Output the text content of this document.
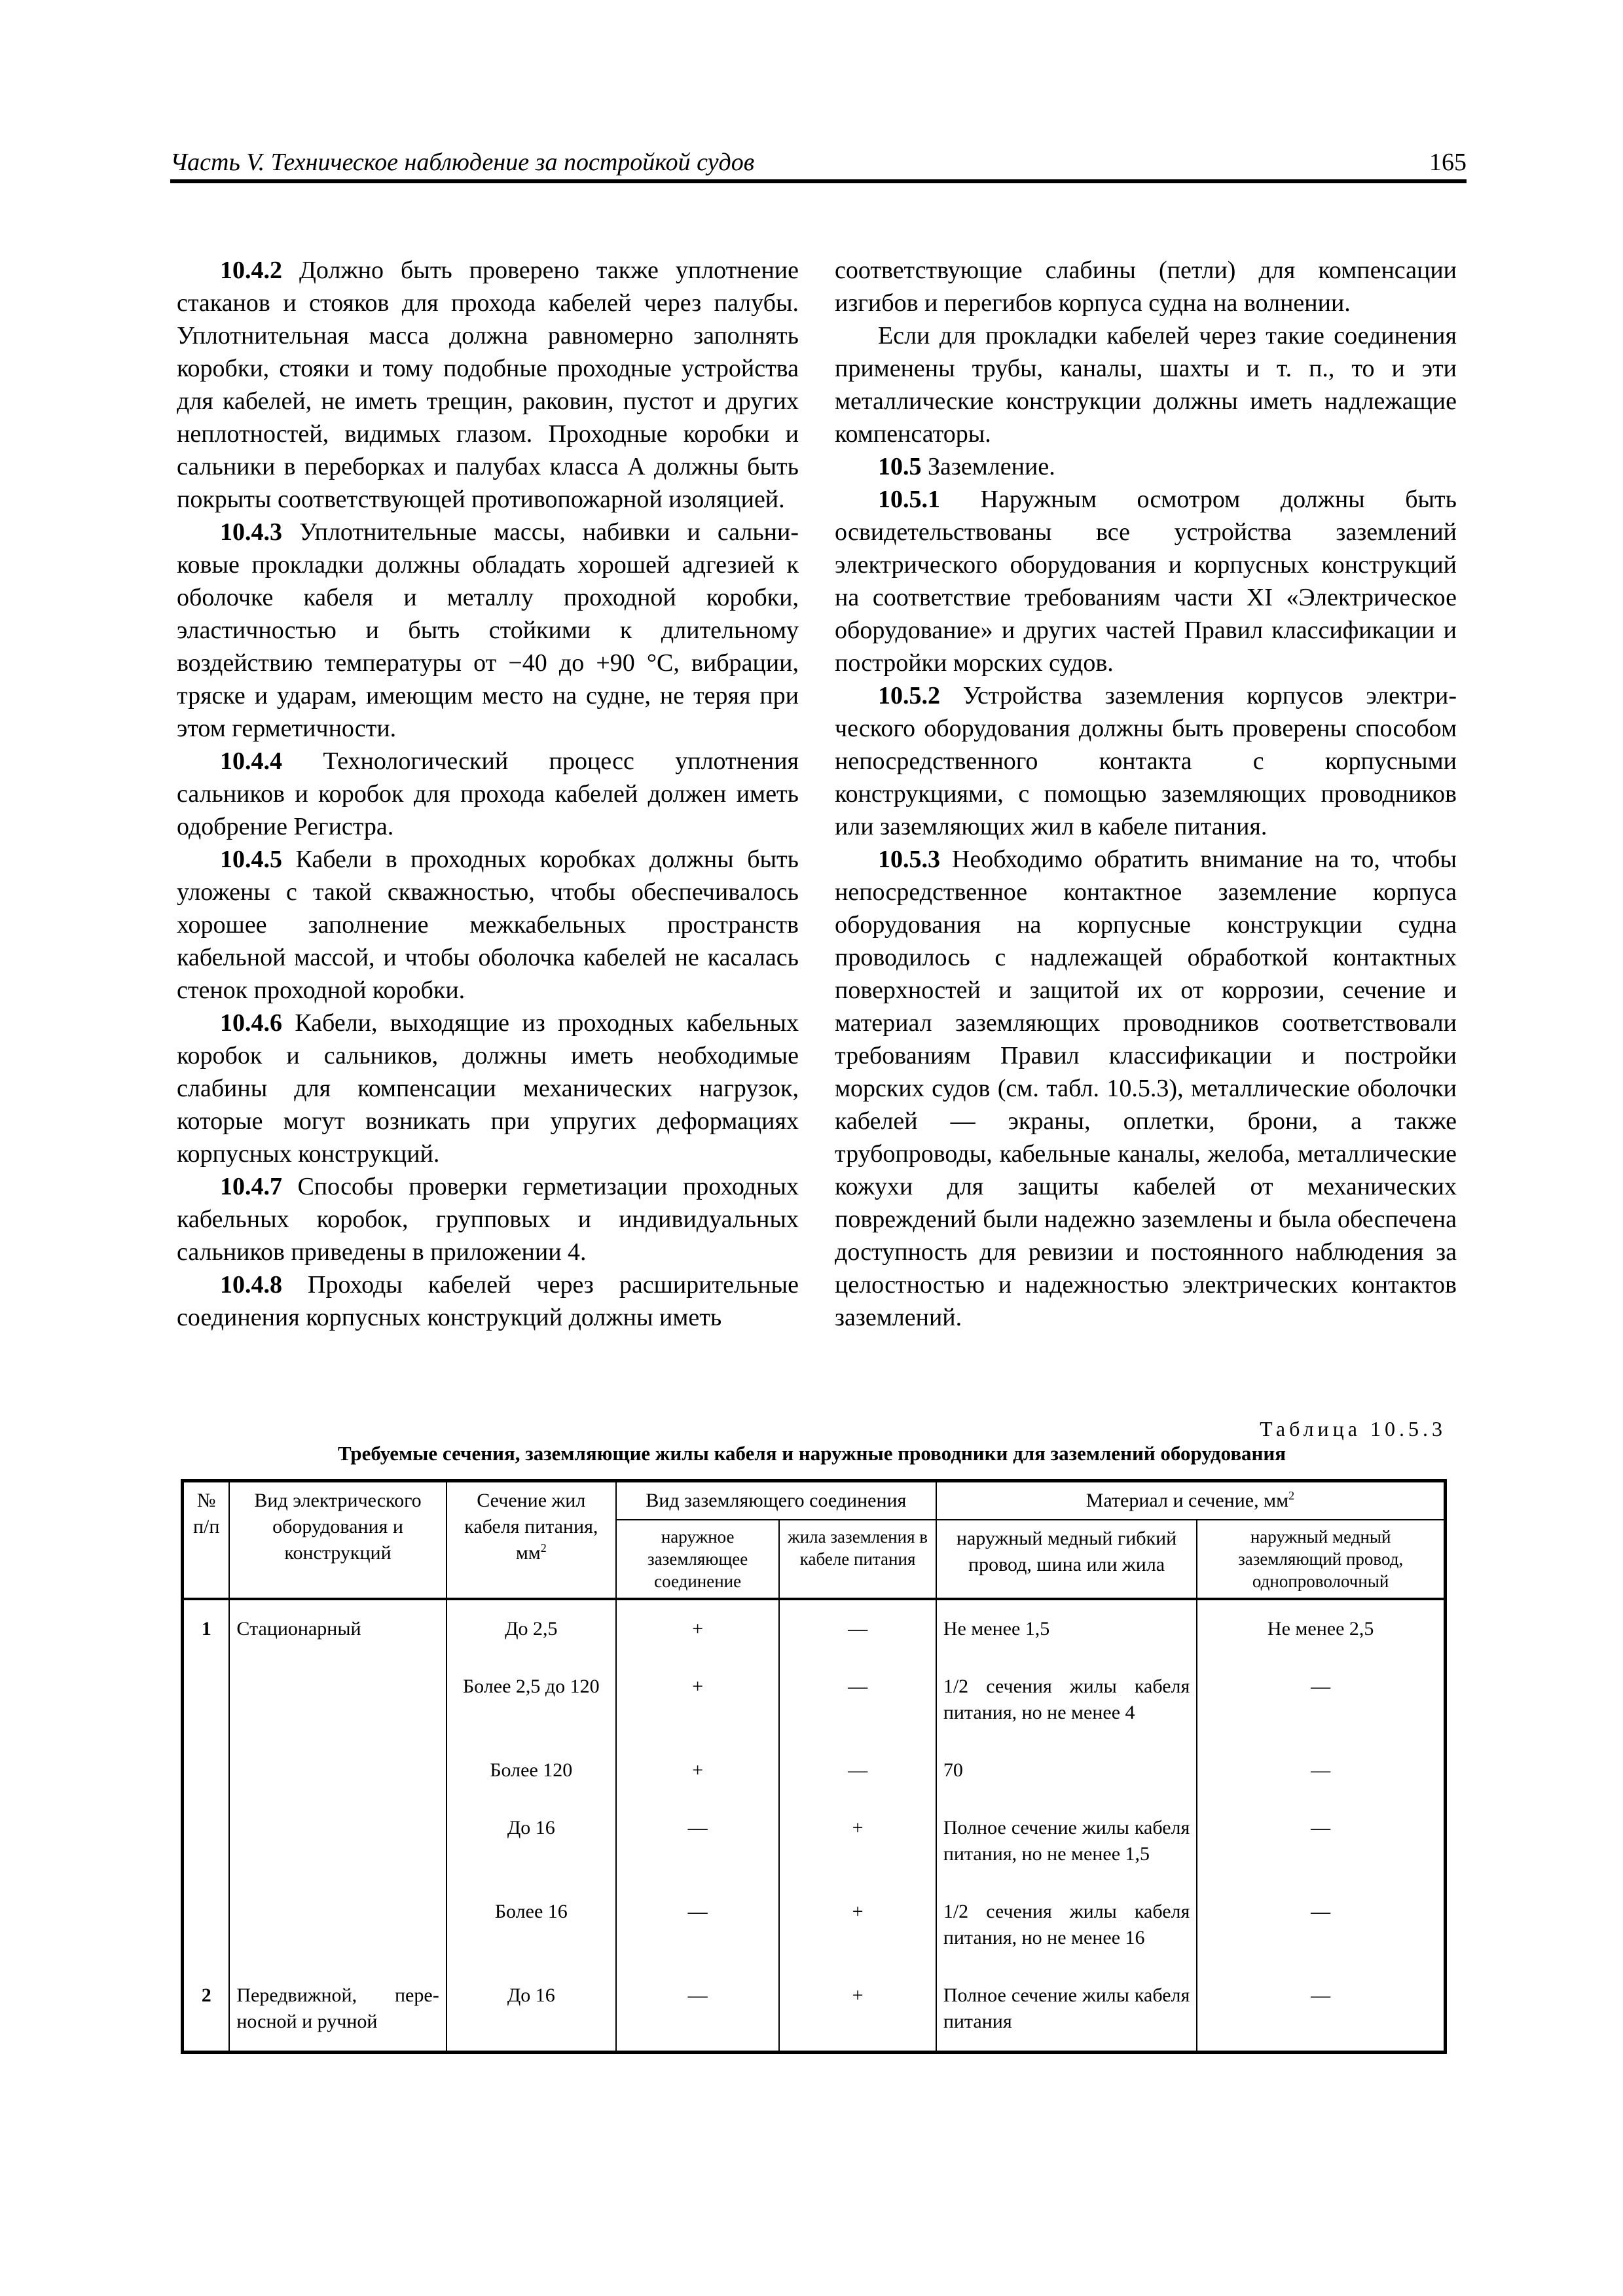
Часть V. Техническое наблюдение за постройкой судов	165

10.4.2 Должно быть проверено также уплотнение стаканов и стояков для прохода кабелей через палубы. Уплотнительная масса должна равномерно заполнять коробки, стояки и тому подобные проходные устройства для кабелей, не иметь трещин, раковин, пустот и других неплотностей, видимых глазом. Проходные коробки и сальники в переборках и палубах класса А должны быть покрыты соответствующей противопожарной изоляцией.

10.4.3 Уплотнительные массы, набивки и сальниковые прокладки должны обладать хорошей адгезией к оболочке кабеля и металлу проходной коробки, эластичностью и быть стойкими к длительному воздействию температуры от −40 до +90 °С, вибрации, тряске и ударам, имеющим место на судне, не теряя при этом герметичности.

10.4.4 Технологический процесс уплотнения сальников и коробок для прохода кабелей должен иметь одобрение Регистра.

10.4.5 Кабели в проходных коробках должны быть уложены с такой скважностью, чтобы обеспечивалось хорошее заполнение межкабельных пространств кабельной массой, и чтобы оболочка кабелей не касалась стенок проходной коробки.

10.4.6 Кабели, выходящие из проходных кабельных коробок и сальников, должны иметь необходимые слабины для компенсации механических нагрузок, которые могут возникать при упругих деформациях корпусных конструкций.

10.4.7 Способы проверки герметизации проходных кабельных коробок, групповых и индивидуальных сальников приведены в приложении 4.

10.4.8 Проходы кабелей через расширительные соединения корпусных конструкций должны иметь

соответствующие слабины (петли) для компенсации изгибов и перегибов корпуса судна на волнении.

Если для прокладки кабелей через такие соединения применены трубы, каналы, шахты и т. п., то и эти металлические конструкции должны иметь надлежащие компенсаторы.

10.5 Заземление.

10.5.1 Наружным осмотром должны быть освидетельствованы все устройства заземлений электрического оборудования и корпусных конструкций на соответствие требованиям части XI «Электрическое оборудование» и других частей Правил классификации и постройки морских судов.

10.5.2 Устройства заземления корпусов электрического оборудования должны быть проверены способом непосредственного контакта с корпусными конструкциями, с помощью заземляющих проводников или заземляющих жил в кабеле питания.

10.5.3 Необходимо обратить внимание на то, чтобы непосредственное контактное заземление корпуса оборудования на корпусные конструкции судна проводилось с надлежащей обработкой контактных поверхностей и защитой их от коррозии, сечение и материал заземляющих проводников соответствовали требованиям Правил классификации и постройки морских судов (см. табл. 10.5.3), металлические оболочки кабелей — экраны, оплетки, брони, а также трубопроводы, кабельные каналы, желоба, металлические кожухи для защиты кабелей от механических повреждений были надежно заземлены и была обеспечена доступность для ревизии и постоянного наблюдения за целостностью и надежностью электрических контактов заземлений.

Таблица 10.5.3
Требуемые сечения, заземляющие жилы кабеля и наружные проводники для заземлений оборудования
№ п/п	Вид электрического оборудования и конструкций	Сечение жил кабеля питания, $мм^2$	Вид заземляющего соединения		Материал и сечение, $мм^2$
			наружное заземляющее соединение	жила заземления в кабеле питания	наружный медный гибкий провод, шина или жила	наружный медный заземляющий провод, однопроволочный
1	Стационарный	До 2,5	+	—	Не менее 1,5	Не менее 2,5
		Более 2,5 до 120	+	—	1/2 сечения жилы кабеля питания, но не менее 4	—
		Более 120	+	—	70	—
		До 16	—	+	Полное сечение жилы кабеля питания, но не менее 1,5	—
		Более 16	—	+	1/2 сечения жилы кабеля питания, но не менее 16	—
2	Передвижной, переносной и ручной	До 16	—	+	Полное сечение жилы кабеля питания	—
